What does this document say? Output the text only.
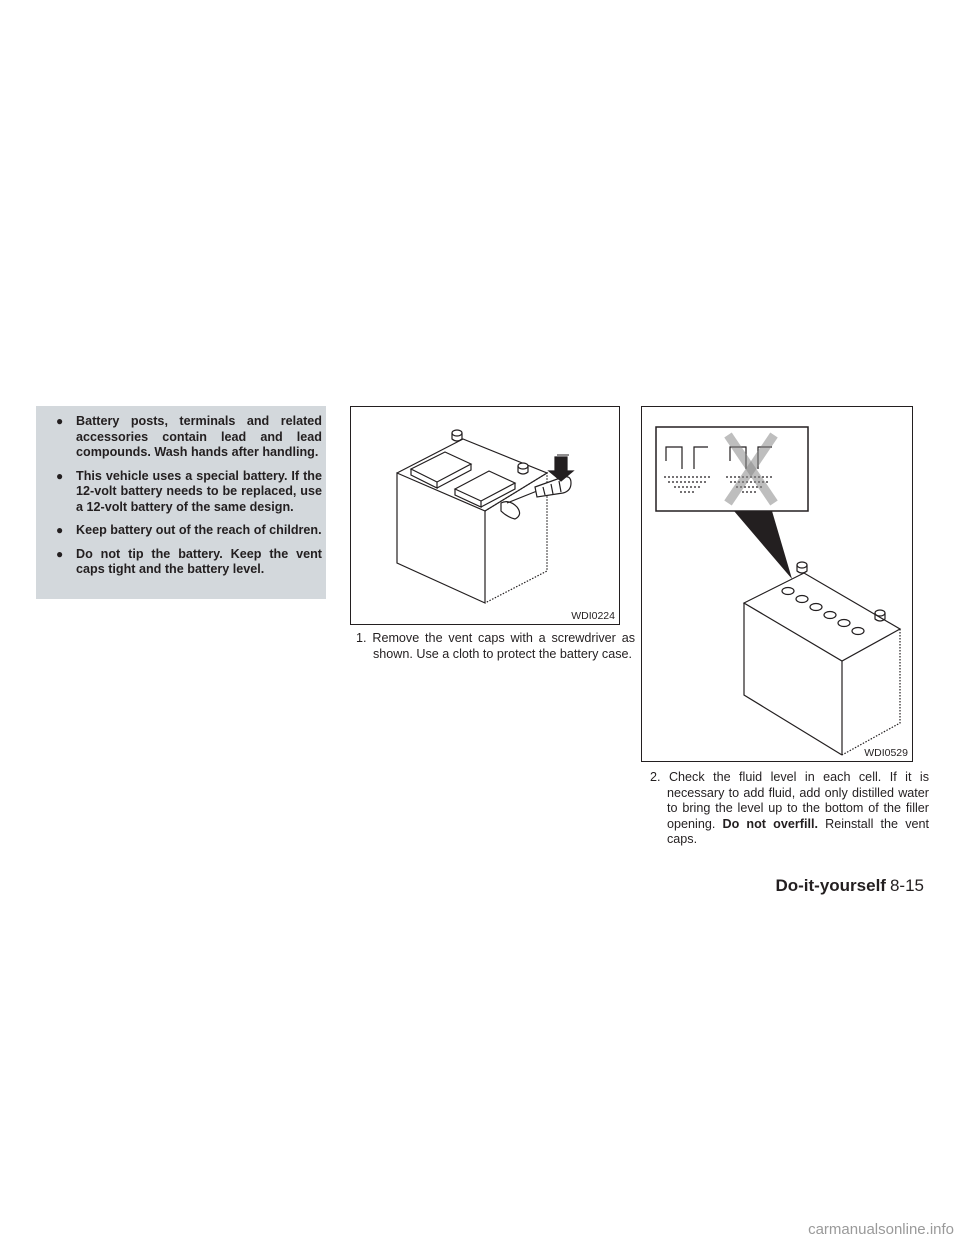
● Battery posts, terminals and related accessories contain lead and lead compounds. Wash hands after handling.
● This vehicle uses a special battery. If the 12-volt battery needs to be replaced, use a 12-volt battery of the same design.
● Keep battery out of the reach of children.
● Do not tip the battery. Keep the vent caps tight and the battery level.
WDI0224
1. Remove the vent caps with a screwdriver as shown. Use a cloth to protect the battery case.
WDI0529
2. Check the fluid level in each cell. If it is necessary to add fluid, add only distilled water to bring the level up to the bottom of the filler opening. Do not overfill. Reinstall the vent caps.
Do-it-yourself 8-15
carmanualsonline.info
